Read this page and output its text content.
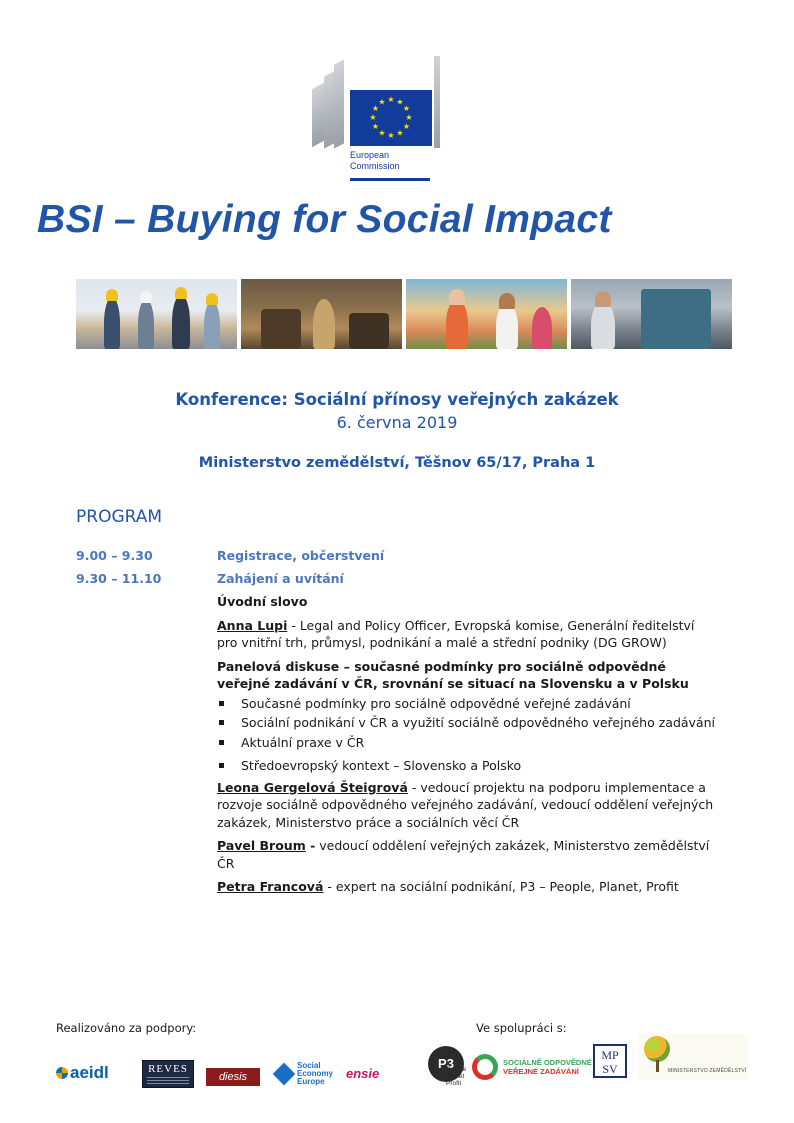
★ ★
★
★
★
★
★
★
★
★
★
★
European
Commission
BSI – Buying for Social Impact
Konference: Sociální přínosy veřejných zakázek
6. června 2019
Ministerstvo zemědělství, Těšnov 65/17, Praha 1
PROGRAM
9.00 – 9.30	Registrace, občerstvení
9.30 – 11.10	Zahájení a uvítání

Úvodní slovo

Anna Lupi - Legal and Policy Officer, Evropská komise, Generální ředitelství pro vnitřní trh, průmysl, podnikání a malé a střední podniky (DG GROW)

Panelová diskuse – současné podmínky pro sociálně odpovědné veřejné zadávání v ČR, srovnání se situací na Slovensku a v Polsku

Současné podmínky pro sociálně odpovědné veřejné zadávání
Sociální podnikání v ČR a využití sociálně odpovědného veřejného zadávání
Aktuální praxe v ČR
Středoevropský kontext – Slovensko a Polsko

Leona Gergelová Šteigrová - vedoucí projektu na podporu implementace a rozvoje sociálně odpovědného veřejného zadávání, vedoucí oddělení veřejných zakázek, Ministerstvo práce a sociálních věcí ČR

Pavel Broum - vedoucí oddělení veřejných zakázek, Ministerstvo zemědělství ČR

Petra Francová - expert na sociální podnikání, P3 – People, Planet, Profit

Realizováno za podpory:	Ve spolupráci s:
aeidl	REVES
diesis
Social
Economy
Europe
ensie
P3
People
Planet
Profit
SOCIÁLNĚ ODPOVĚDNÉ
VEŘEJNÉ ZADÁVÁNÍ
MP
SV	MINISTERSTVO ZEMĚDĚLSTVÍ
